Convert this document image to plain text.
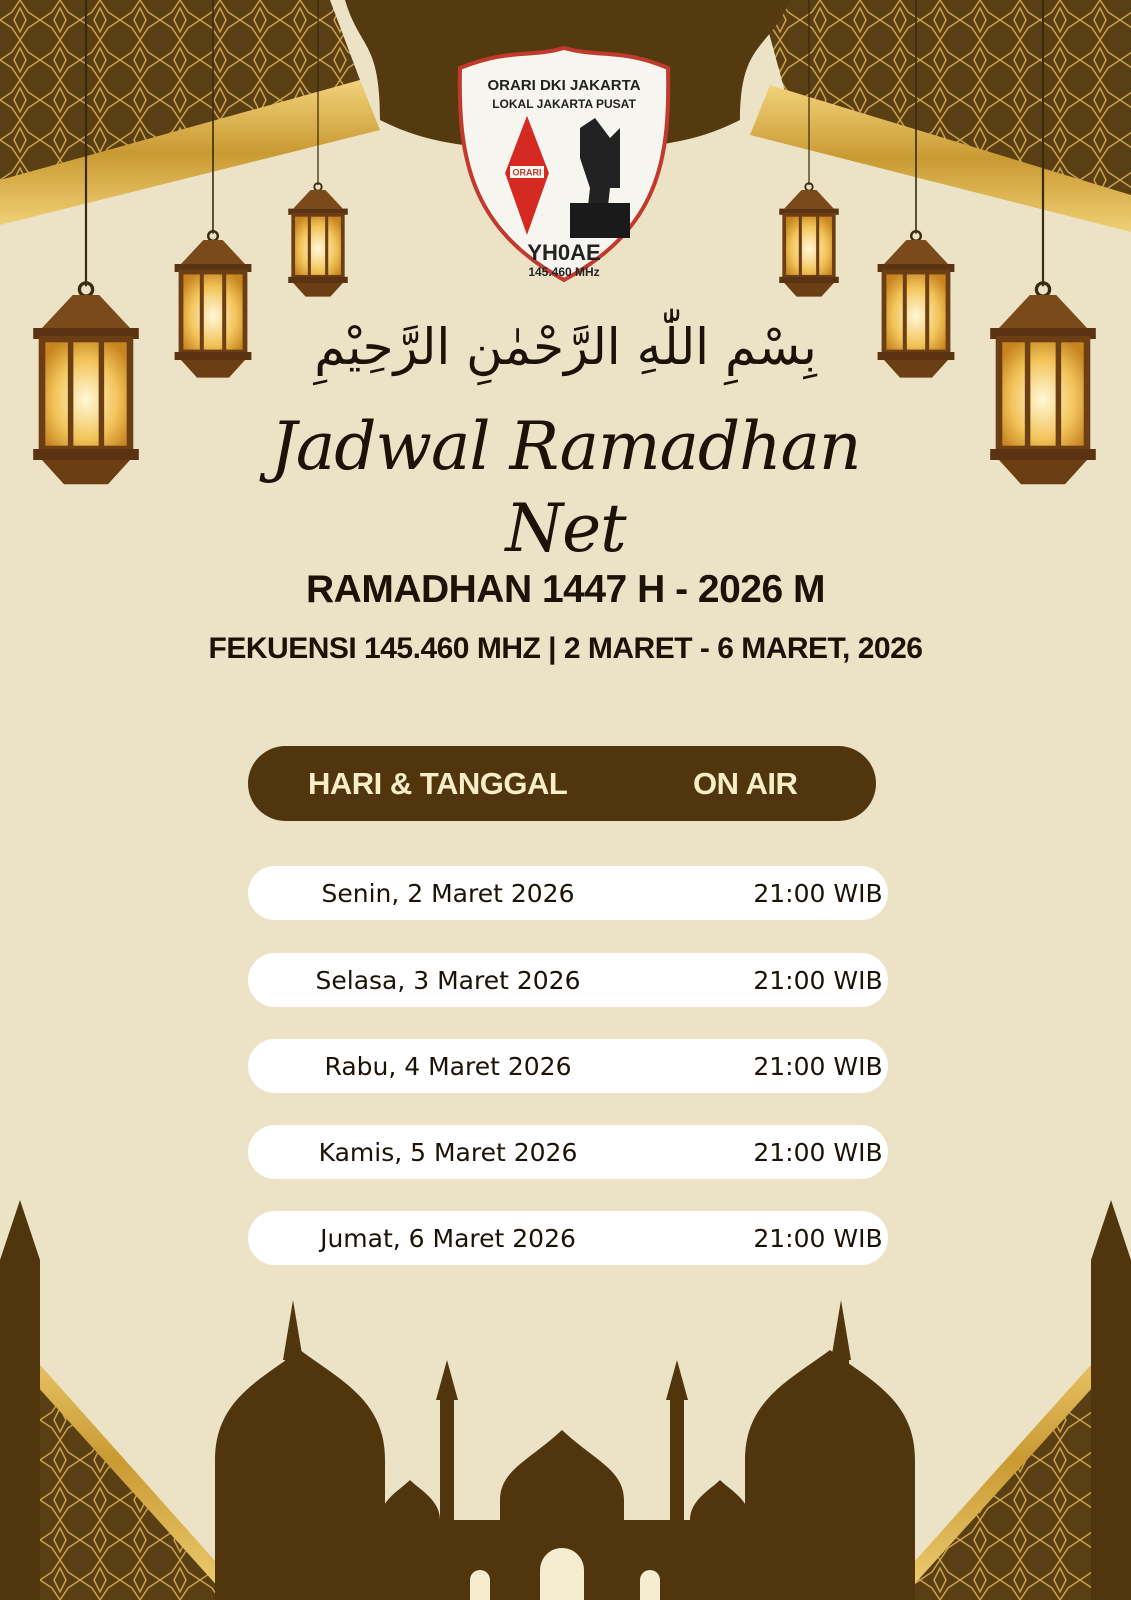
ORARI
ORARI DKI JAKARTA
LOKAL JAKARTA PUSAT
YH0AE
145.460 MHz
بِسْمِ اللّٰهِ الرَّحْمٰنِ الرَّحِيْمِ
Jadwal Ramadhan
Net
RAMADHAN 1447 H - 2026 M
FEKUENSI 145.460 MHZ | 2 MARET - 6 MARET, 2026
HARI & TANGGAL	ON AIR
Senin, 2 Maret 2026	21:00 WIB
Selasa, 3 Maret 2026	21:00 WIB
Rabu, 4 Maret 2026	21:00 WIB
Kamis, 5 Maret 2026	21:00 WIB
Jumat, 6 Maret 2026	21:00 WIB
